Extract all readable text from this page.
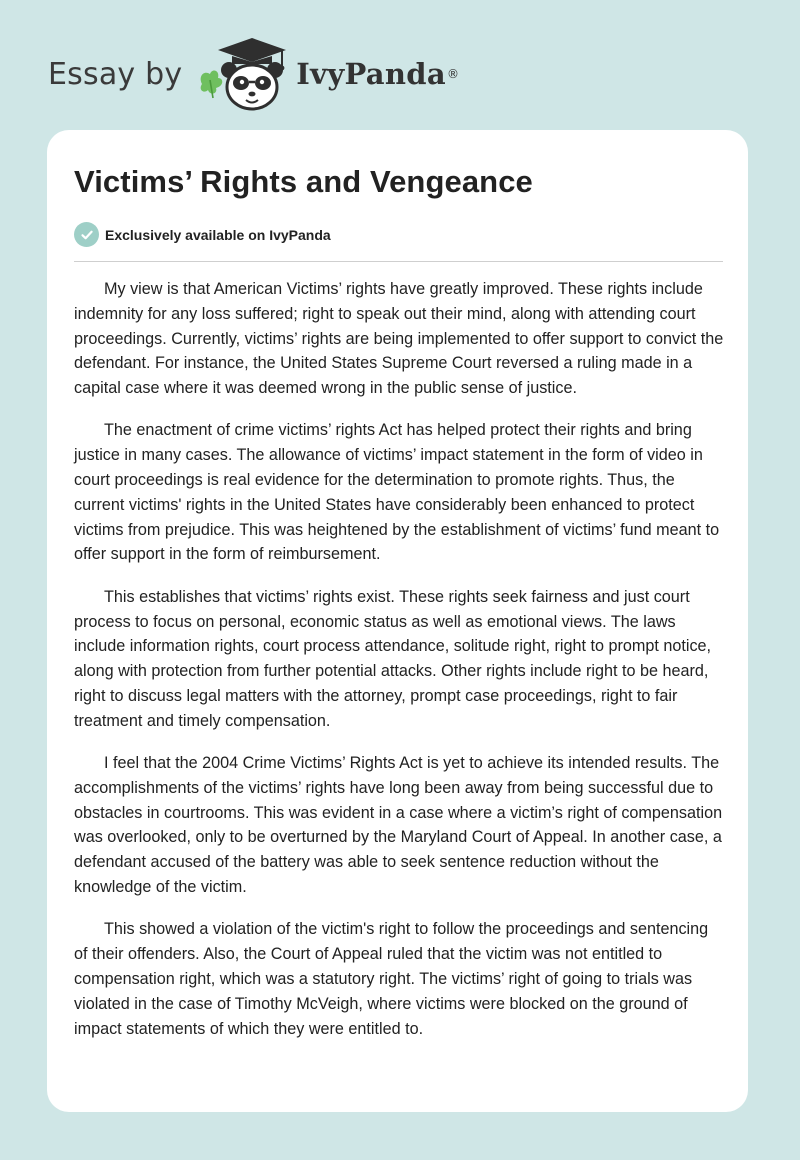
Essay by	IvyPanda ®
Victims’ Rights and Vengeance
Exclusively available on IvyPanda

My view is that American Victims’ rights have greatly improved. These rights include indemnity for any loss suffered; right to speak out their mind, along with attending court proceedings. Currently, victims’ rights are being implemented to offer support to convict the defendant. For instance, the United States Supreme Court reversed a ruling made in a capital case where it was deemed wrong in the public sense of justice.

The enactment of crime victims’ rights Act has helped protect their rights and bring justice in many cases. The allowance of victims’ impact statement in the form of video in court proceedings is real evidence for the determination to promote rights. Thus, the current victims' rights in the United States have considerably been enhanced to protect victims from prejudice. This was heightened by the establishment of victims’ fund meant to offer support in the form of reimbursement.

This establishes that victims’ rights exist. These rights seek fairness and just court process to focus on personal, economic status as well as emotional views. The laws include information rights, court process attendance, solitude right, right to prompt notice, along with protection from further potential attacks. Other rights include right to be heard, right to discuss legal matters with the attorney, prompt case proceedings, right to fair treatment and timely compensation.

I feel that the 2004 Crime Victims’ Rights Act is yet to achieve its intended results. The accomplishments of the victims’ rights have long been away from being successful due to obstacles in courtrooms. This was evident in a case where a victim’s right of compensation was overlooked, only to be overturned by the Maryland Court of Appeal. In another case, a defendant accused of the battery was able to seek sentence reduction without the knowledge of the victim.

This showed a violation of the victim's right to follow the proceedings and sentencing of their offenders. Also, the Court of Appeal ruled that the victim was not entitled to compensation right, which was a statutory right. The victims’ right of going to trials was violated in the case of Timothy McVeigh, where victims were blocked on the ground of impact statements of which they were entitled to.
